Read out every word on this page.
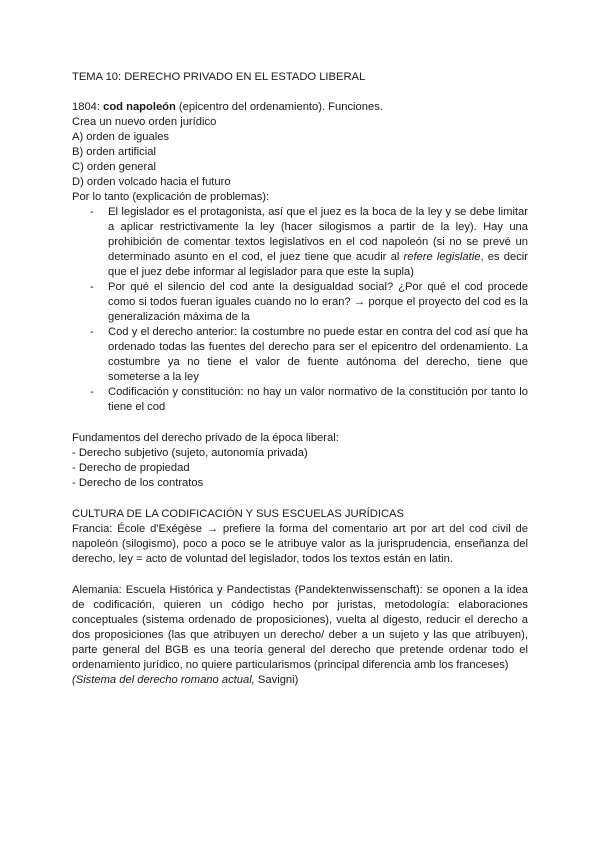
TEMA 10: DERECHO PRIVADO EN EL ESTADO LIBERAL

1804: cod napoleón (epicentro del ordenamiento). Funciones.

Crea un nuevo orden jurídico

A) orden de iguales

B) orden artificial

C) orden general

D) orden volcado hacia el futuro

Por lo tanto (explicación de problemas):

- El legislador es el protagonista, así que el juez es la boca de la ley y se debe limitar a aplicar restrictivamente la ley (hacer silogismos a partir de la ley). Hay una prohibición de comentar textos legislativos en el cod napoleón (si no se prevé un determinado asunto en el cod, el juez tiene que acudir al refere legislatie, es decir que el juez debe informar al legislador para que este la supla)
- Por qué el silencio del cod ante la desigualdad social? ¿Por qué el cod procede como si todos fueran iguales cuando no lo eran? → porque el proyecto del cod es la generalización máxima de la
- Cod y el derecho anterior: la costumbre no puede estar en contra del cod así que ha ordenado todas las fuentes del derecho para ser el epicentro del ordenamiento. La costumbre ya no tiene el valor de fuente autónoma del derecho, tiene que someterse a la ley
- Codificación y constitución: no hay un valor normativo de la constitución por tanto lo tiene el cod

Fundamentos del derecho privado de la época liberal:

- Derecho subjetivo (sujeto, autonomía privada)

- Derecho de propiedad

- Derecho de los contratos

CULTURA DE LA CODIFICACIÓN Y SUS ESCUELAS JURÍDICAS

Francia: École d'Exégèse → prefiere la forma del comentario art por art del cod civil de napoleón (silogismo), poco a poco se le atribuye valor as la jurisprudencia, enseñanza del derecho, ley = acto de voluntad del legislador, todos los textos están en latin.

Alemania: Escuela Histórica y Pandectistas (Pandektenwissenschaft): se oponen a la idea de codificación, quieren un código hecho por juristas, metodología: elaboraciones conceptuales (sistema ordenado de proposiciones), vuelta al digesto, reducir el derecho a dos proposiciones (las que atribuyen un derecho/ deber a un sujeto y las que atribuyen), parte general del BGB es una teoría general del derecho que pretende ordenar todo el ordenamiento jurídico, no quiere particularismos (principal diferencia amb los franceses)

(Sistema del derecho romano actual, Savigni)
